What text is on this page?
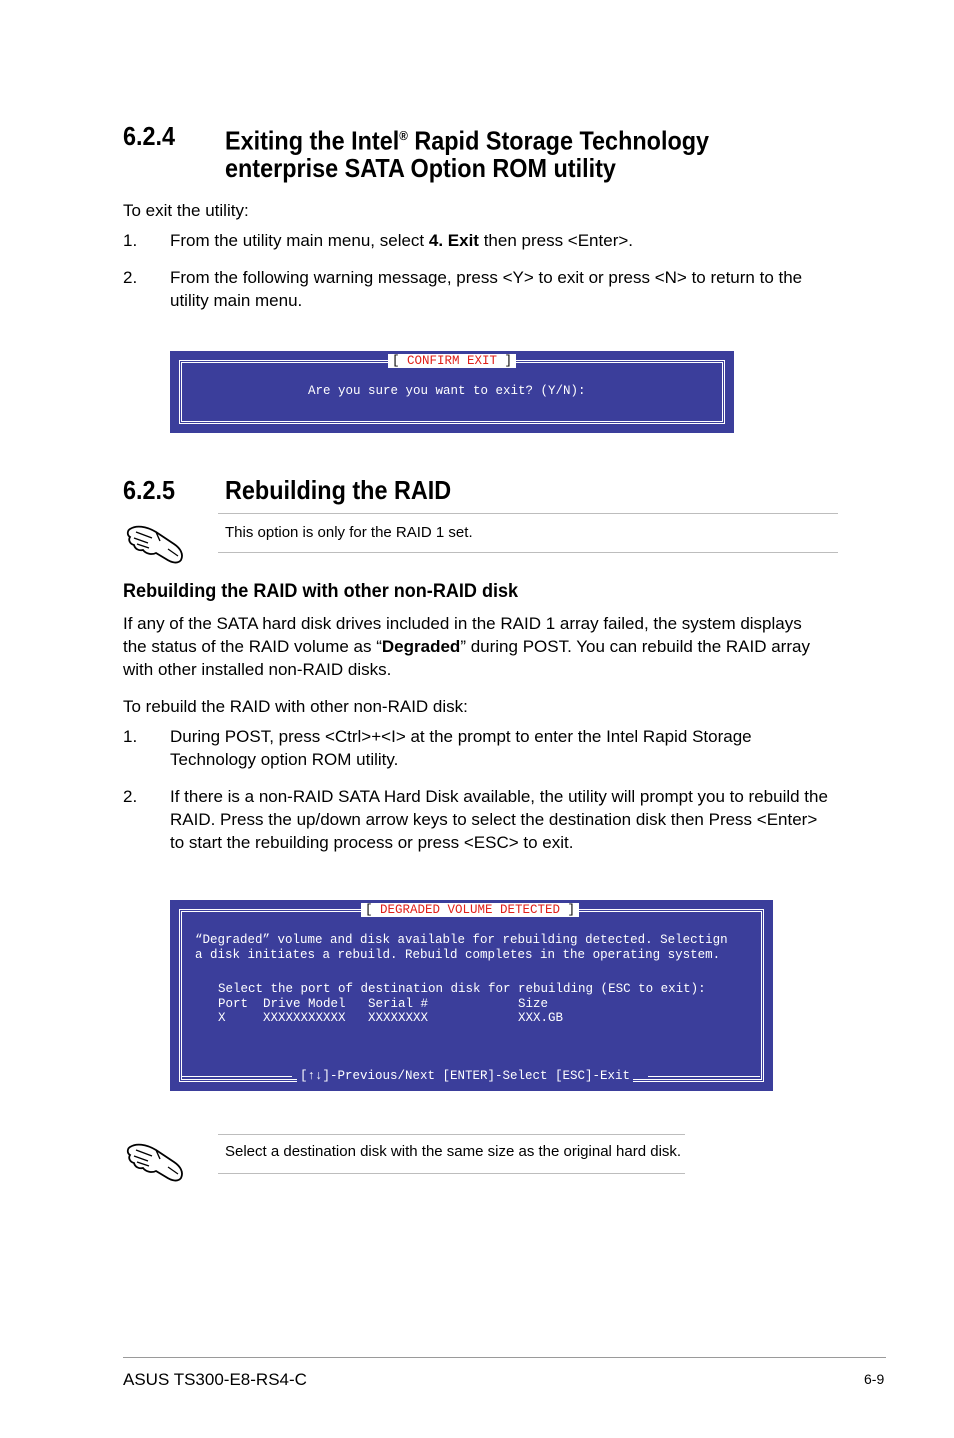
6.2.4 Exiting the Intel® Rapid Storage Technology
enterprise SATA Option ROM utility
To exit the utility:
1. From the utility main menu, select 4. Exit then press <Enter>.
2. From the following warning message, press <Y> to exit or press <N> to return to the
utility main menu.
[ CONFIRM EXIT ]
Are you sure you want to exit? (Y/N):
6.2.5 Rebuilding the RAID
This option is only for the RAID 1 set.
Rebuilding the RAID with other non-RAID disk
If any of the SATA hard disk drives included in the RAID 1 array failed, the system displays
the status of the RAID volume as “Degraded” during POST. You can rebuild the RAID array
with other installed non-RAID disks.
To rebuild the RAID with other non-RAID disk:
1. During POST, press <Ctrl>+<I> at the prompt to enter the Intel Rapid Storage
Technology option ROM utility.
2. If there is a non-RAID SATA Hard Disk available, the utility will prompt you to rebuild the
RAID. Press the up/down arrow keys to select the destination disk then Press <Enter>
to start the rebuilding process or press <ESC> to exit.
[ DEGRADED VOLUME DETECTED ]
“Degraded” volume and disk available for rebuilding detected. Selectign
a disk initiates a rebuild. Rebuild completes in the operating system.
Select the port of destination disk for rebuilding (ESC to exit):
Port  Drive Model   Serial #            Size
X     XXXXXXXXXXX   XXXXXXXX            XXX.GB
[↑↓]-Previous/Next [ENTER]-Select [ESC]-Exit
Select a destination disk with the same size as the original hard disk.
ASUS TS300-E8-RS4-C	6-9
